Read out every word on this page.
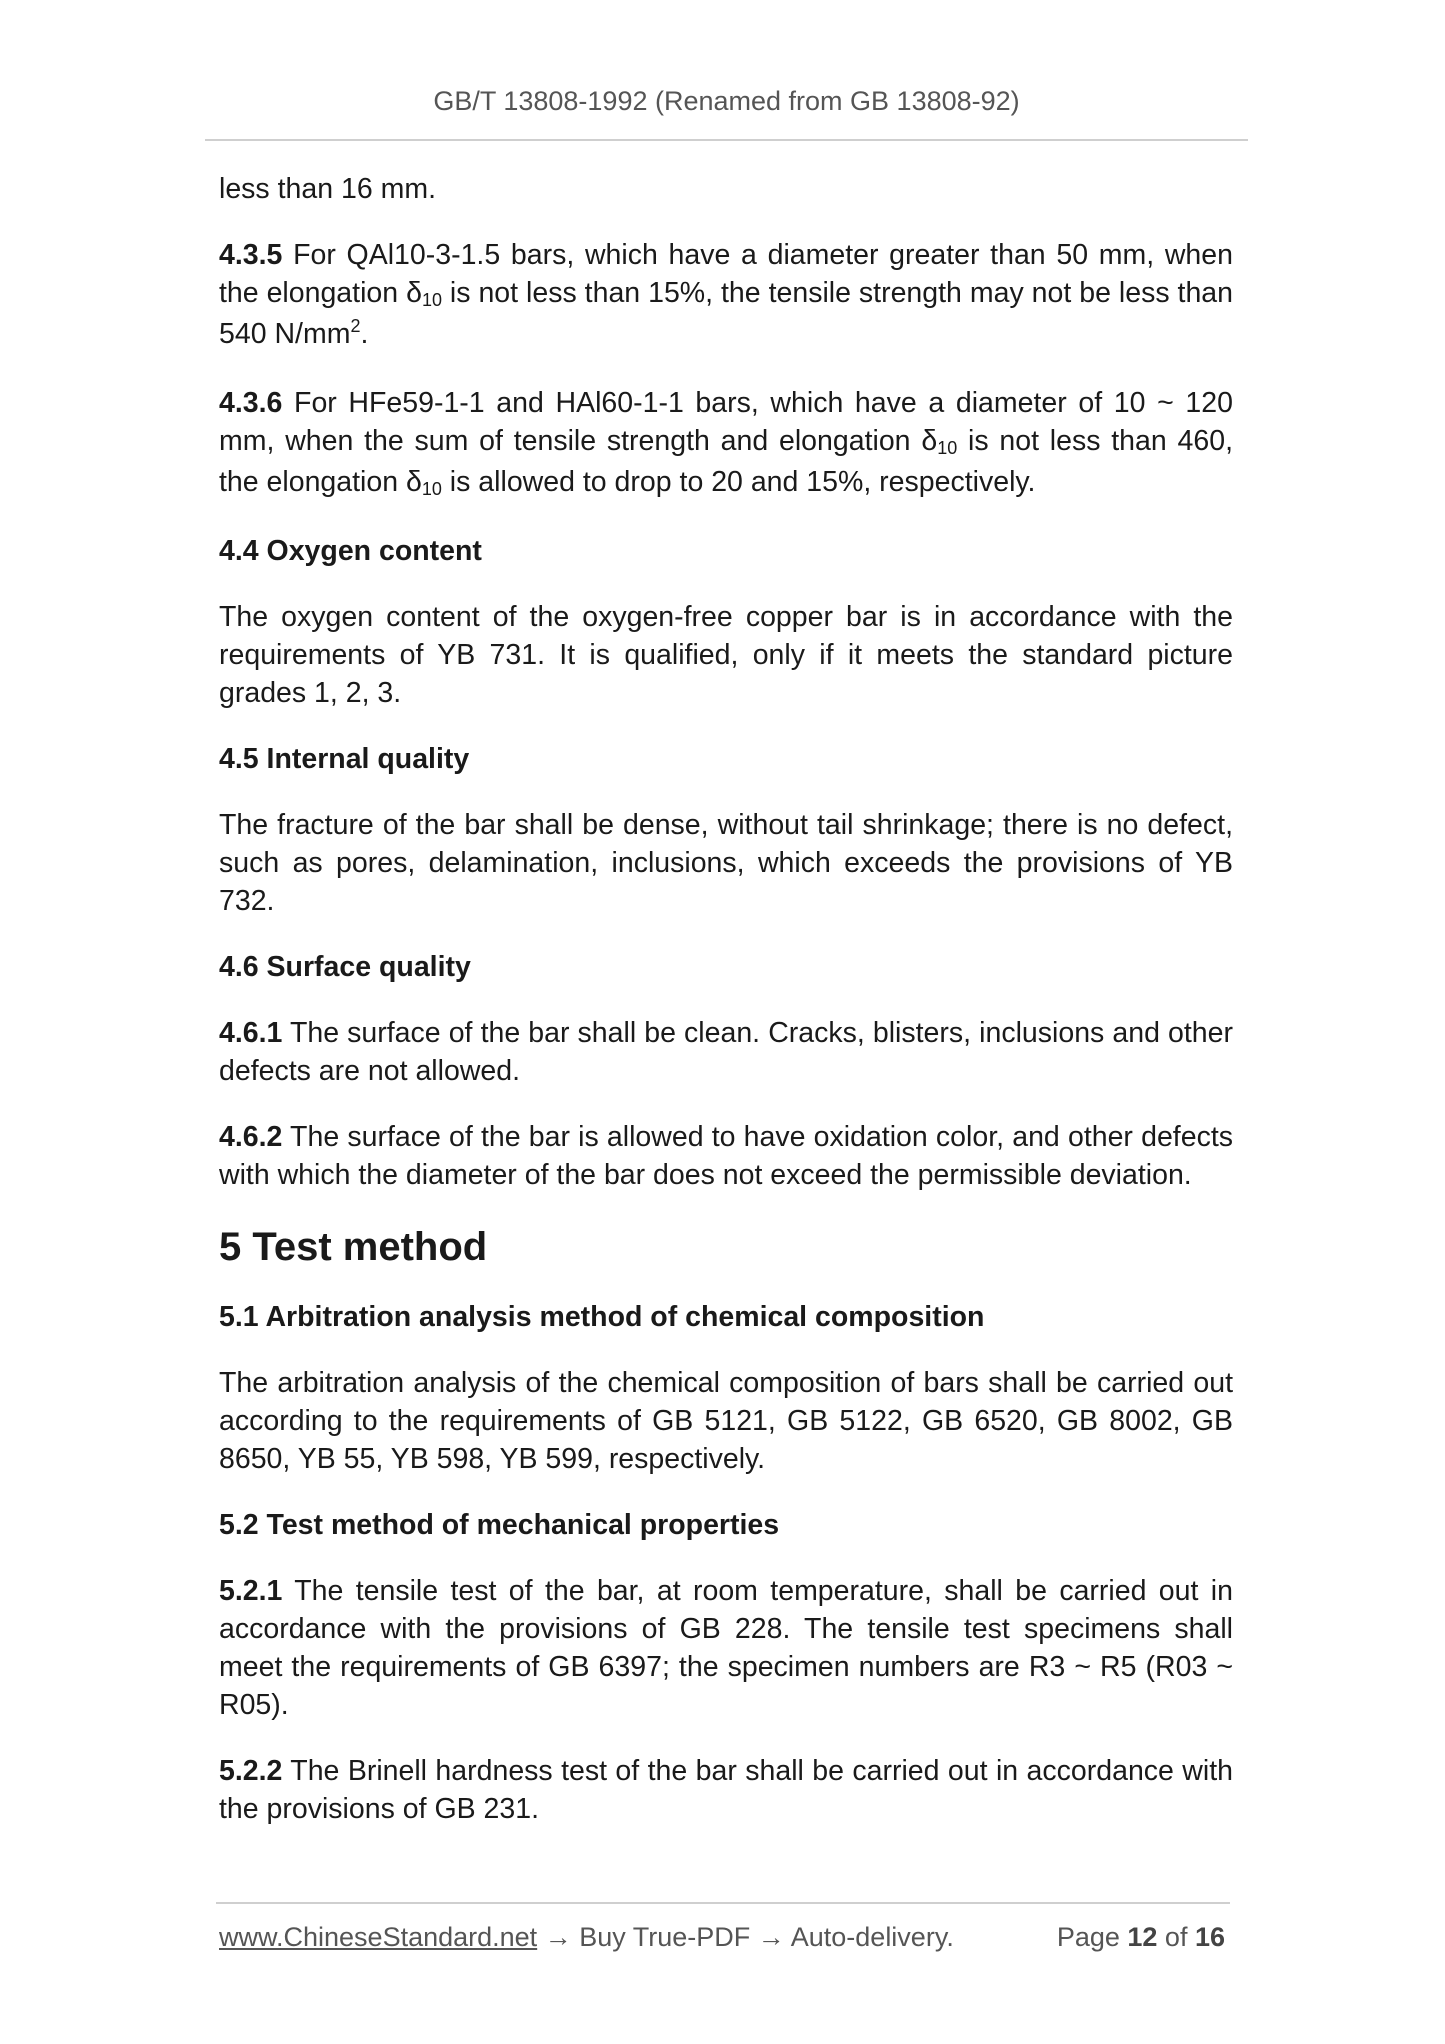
GB/T 13808-1992 (Renamed from GB 13808-92)

less than 16 mm.

4.3.5 For QAl10-3-1.5 bars, which have a diameter greater than 50 mm, when the elongation $\delta_{10}$ is not less than 15%, the tensile strength may not be less than 540 $N/mm^2$.

4.3.6 For HFe59-1-1 and HAl60-1-1 bars, which have a diameter of 10 ~ 120 mm, when the sum of tensile strength and elongation $\delta_{10}$ is not less than 460, the elongation $\delta_{10}$ is allowed to drop to 20 and 15%, respectively.

4.4 Oxygen content

The oxygen content of the oxygen-free copper bar is in accordance with the requirements of YB 731. It is qualified, only if it meets the standard picture grades 1, 2, 3.

4.5 Internal quality

The fracture of the bar shall be dense, without tail shrinkage; there is no defect, such as pores, delamination, inclusions, which exceeds the provisions of YB 732.

4.6 Surface quality

4.6.1 The surface of the bar shall be clean. Cracks, blisters, inclusions and other defects are not allowed.

4.6.2 The surface of the bar is allowed to have oxidation color, and other defects with which the diameter of the bar does not exceed the permissible deviation.

5 Test method
5.1 Arbitration analysis method of chemical composition

The arbitration analysis of the chemical composition of bars shall be carried out according to the requirements of GB 5121, GB 5122, GB 6520, GB 8002, GB 8650, YB 55, YB 598, YB 599, respectively.

5.2 Test method of mechanical properties

5.2.1 The tensile test of the bar, at room temperature, shall be carried out in accordance with the provisions of GB 228. The tensile test specimens shall meet the requirements of GB 6397; the specimen numbers are R3 ~ R5 (R03 ~ R05).

5.2.2 The Brinell hardness test of the bar shall be carried out in accordance with the provisions of GB 231.

www.ChineseStandard.net → Buy True-PDF → Auto-delivery.	Page 12 of 16
